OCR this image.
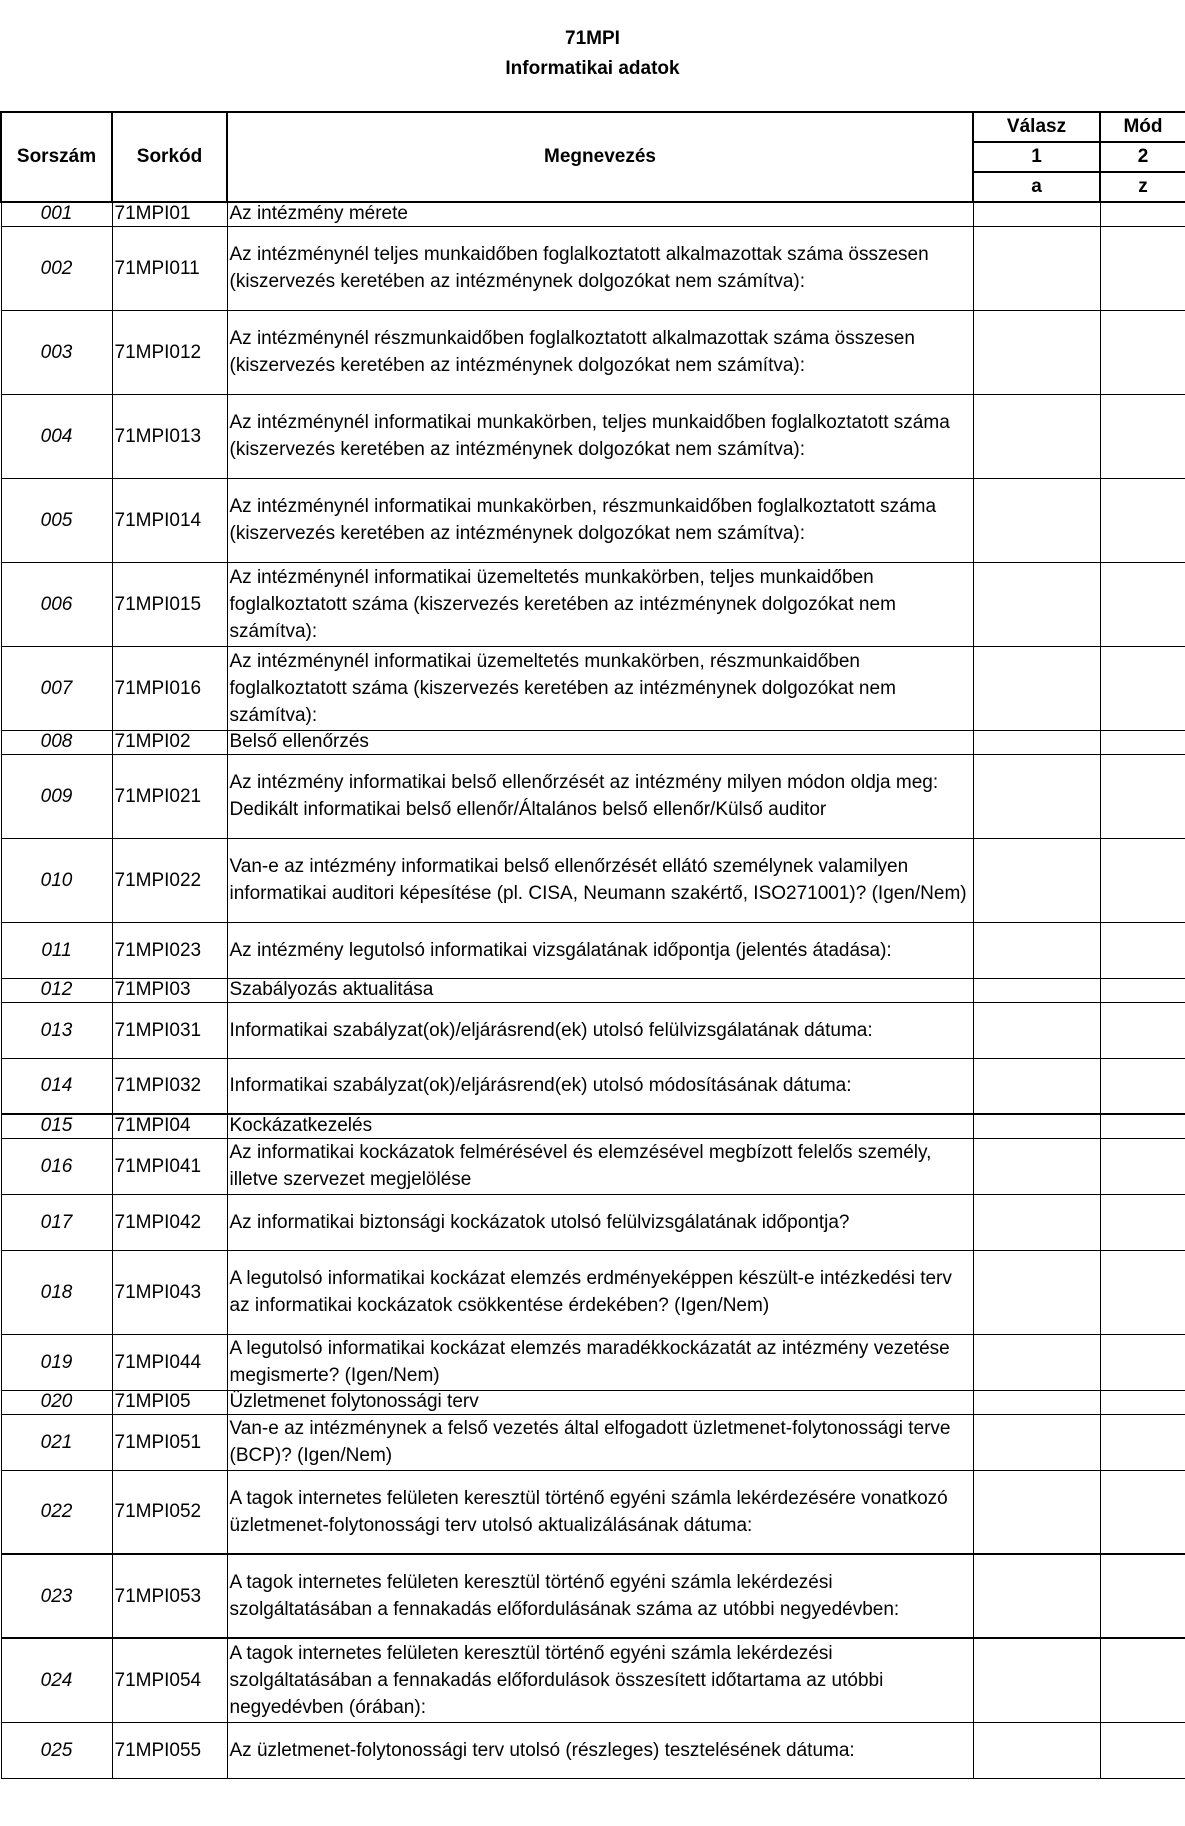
71MPI
Informatikai adatok
Sorszám	Sorkód	Megnevezés	Válasz	Mód
			1	2
			a	z
001	71MPI01	Az intézmény mérete		
002	71MPI011	Az intézménynél teljes munkaidőben foglalkoztatott alkalmazottak száma összesen (kiszervezés keretében az intézménynek dolgozókat nem számítva):		
003	71MPI012	Az intézménynél részmunkaidőben foglalkoztatott alkalmazottak száma összesen (kiszervezés keretében az intézménynek dolgozókat nem számítva):		
004	71MPI013	Az intézménynél informatikai munkakörben, teljes munkaidőben foglalkoztatott száma (kiszervezés keretében az intézménynek dolgozókat nem számítva):		
005	71MPI014	Az intézménynél informatikai munkakörben, részmunkaidőben foglalkoztatott száma (kiszervezés keretében az intézménynek dolgozókat nem számítva):		
006	71MPI015	Az intézménynél informatikai üzemeltetés munkakörben, teljes munkaidőben foglalkoztatott száma (kiszervezés keretében az intézménynek dolgozókat nem számítva):		
007	71MPI016	Az intézménynél informatikai üzemeltetés munkakörben, részmunkaidőben foglalkoztatott száma (kiszervezés keretében az intézménynek dolgozókat nem számítva):		
008	71MPI02	Belső ellenőrzés		
009	71MPI021	Az intézmény informatikai belső ellenőrzését az intézmény milyen módon oldja meg: Dedikált informatikai belső ellenőr/Általános belső ellenőr/Külső auditor		
010	71MPI022	Van-e az intézmény informatikai belső ellenőrzését ellátó személynek valamilyen informatikai auditori képesítése (pl. CISA, Neumann szakértő, ISO271001)? (Igen/Nem)		
011	71MPI023	Az intézmény legutolsó informatikai vizsgálatának időpontja (jelentés átadása):		
012	71MPI03	Szabályozás aktualitása		
013	71MPI031	Informatikai szabályzat(ok)/eljárásrend(ek) utolsó felülvizsgálatának dátuma:		
014	71MPI032	Informatikai szabályzat(ok)/eljárásrend(ek) utolsó módosításának dátuma:		
015	71MPI04	Kockázatkezelés		
016	71MPI041	Az informatikai kockázatok felmérésével és elemzésével megbízott felelős személy, illetve szervezet megjelölése		
017	71MPI042	Az informatikai biztonsági kockázatok utolsó felülvizsgálatának időpontja?		
018	71MPI043	A legutolsó informatikai kockázat elemzés erdményeképpen készült-e intézkedési terv az informatikai kockázatok csökkentése érdekében? (Igen/Nem)		
019	71MPI044	A legutolsó informatikai kockázat elemzés maradékkockázatát az intézmény vezetése megismerte? (Igen/Nem)		
020	71MPI05	Üzletmenet folytonossági terv		
021	71MPI051	Van-e az intézménynek a felső vezetés által elfogadott üzletmenet-folytonossági terve (BCP)? (Igen/Nem)		
022	71MPI052	A tagok internetes felületen keresztül történő egyéni számla lekérdezésére vonatkozó üzletmenet-folytonossági terv utolsó aktualizálásának dátuma:		
023	71MPI053	A tagok internetes felületen keresztül történő egyéni számla lekérdezési szolgáltatásában a fennakadás előfordulásának száma az utóbbi negyedévben:		
024	71MPI054	A tagok internetes felületen keresztül történő egyéni számla lekérdezési szolgáltatásában a fennakadás előfordulások összesített időtartama az utóbbi negyedévben (órában):		
025	71MPI055	Az üzletmenet-folytonossági terv utolsó (részleges) tesztelésének dátuma:		
